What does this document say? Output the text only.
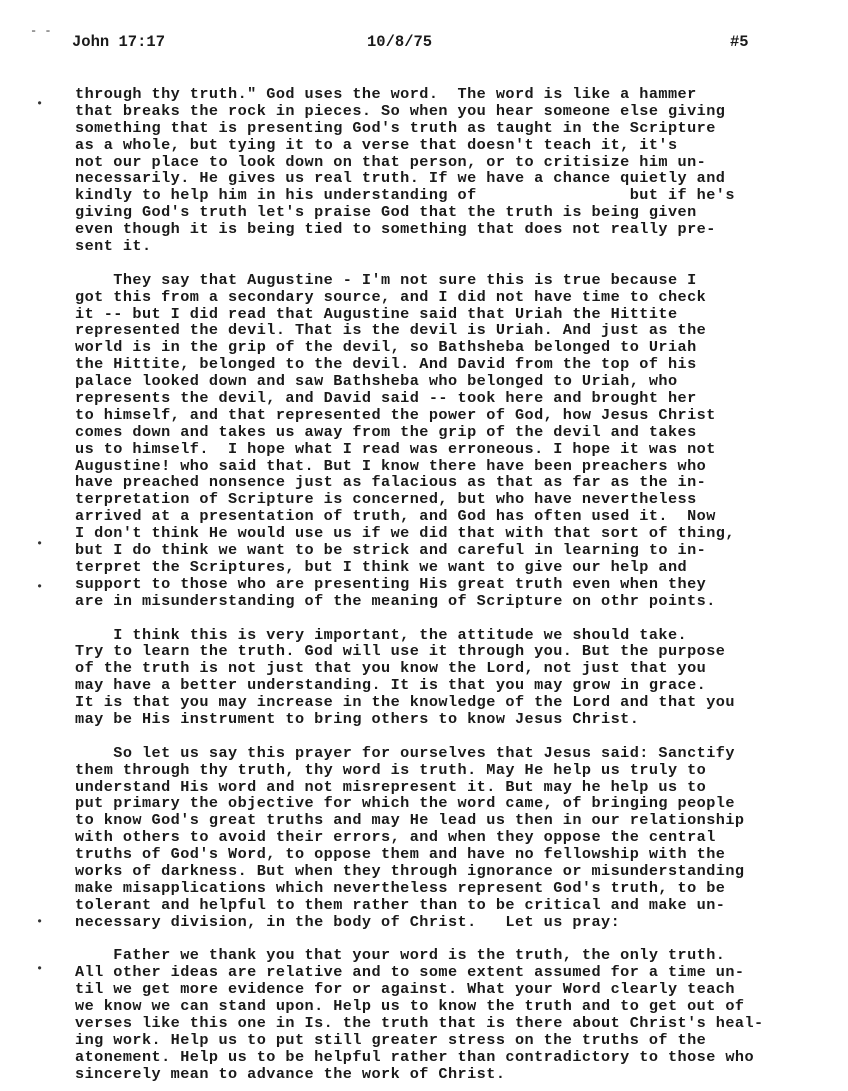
John 17:17	10/8/75	#5
- -
•
•
•
•
•
through thy truth." God uses the word.  The word is like a hammer
that breaks the rock in pieces. So when you hear someone else giving
something that is presenting God's truth as taught in the Scripture
as a whole, but tying it to a verse that doesn't teach it, it's
not our place to look down on that person, or to critisize him un-
necessarily. He gives us real truth. If we have a chance quietly and
kindly to help him in his understanding of                but if he's
giving God's truth let's praise God that the truth is being given
even though it is being tied to something that does not really pre-
sent it.
They say that Augustine - I'm not sure this is true because I
got this from a secondary source, and I did not have time to check
it -- but I did read that Augustine said that Uriah the Hittite
represented the devil. That is the devil is Uriah. And just as the
world is in the grip of the devil, so Bathsheba belonged to Uriah
the Hittite, belonged to the devil. And David from the top of his
palace looked down and saw Bathsheba who belonged to Uriah, who
represents the devil, and David said -- took here and brought her
to himself, and that represented the power of God, how Jesus Christ
comes down and takes us away from the grip of the devil and takes
us to himself.  I hope what I read was erroneous. I hope it was not
Augustine! who said that. But I know there have been preachers who
have preached nonsence just as falacious as that as far as the in-
terpretation of Scripture is concerned, but who have nevertheless
arrived at a presentation of truth, and God has often used it.  Now
I don't think He would use us if we did that with that sort of thing,
but I do think we want to be strick and careful in learning to in-
terpret the Scriptures, but I think we want to give our help and
support to those who are presenting His great truth even when they
are in misunderstanding of the meaning of Scripture on othr points.
I think this is very important, the attitude we should take.
Try to learn the truth. God will use it through you. But the purpose
of the truth is not just that you know the Lord, not just that you
may have a better understanding. It is that you may grow in grace.
It is that you may increase in the knowledge of the Lord and that you
may be His instrument to bring others to know Jesus Christ.
So let us say this prayer for ourselves that Jesus said: Sanctify
them through thy truth, thy word is truth. May He help us truly to
understand His word and not misrepresent it. But may he help us to
put primary the objective for which the word came, of bringing people
to know God's great truths and may He lead us then in our relationship
with others to avoid their errors, and when they oppose the central
truths of God's Word, to oppose them and have no fellowship with the
works of darkness. But when they through ignorance or misunderstanding
make misapplications which nevertheless represent God's truth, to be
tolerant and helpful to them rather than to be critical and make un-
necessary division, in the body of Christ.   Let us pray:
Father we thank you that your word is the truth, the only truth.
All other ideas are relative and to some extent assumed for a time un-
til we get more evidence for or against. What your Word clearly teach
we know we can stand upon. Help us to know the truth and to get out of
verses like this one in Is. the truth that is there about Christ's heal-
ing work. Help us to put still greater stress on the truths of the
atonement. Help us to be helpful rather than contradictory to those who
sincerely mean to advance the work of Christ.
